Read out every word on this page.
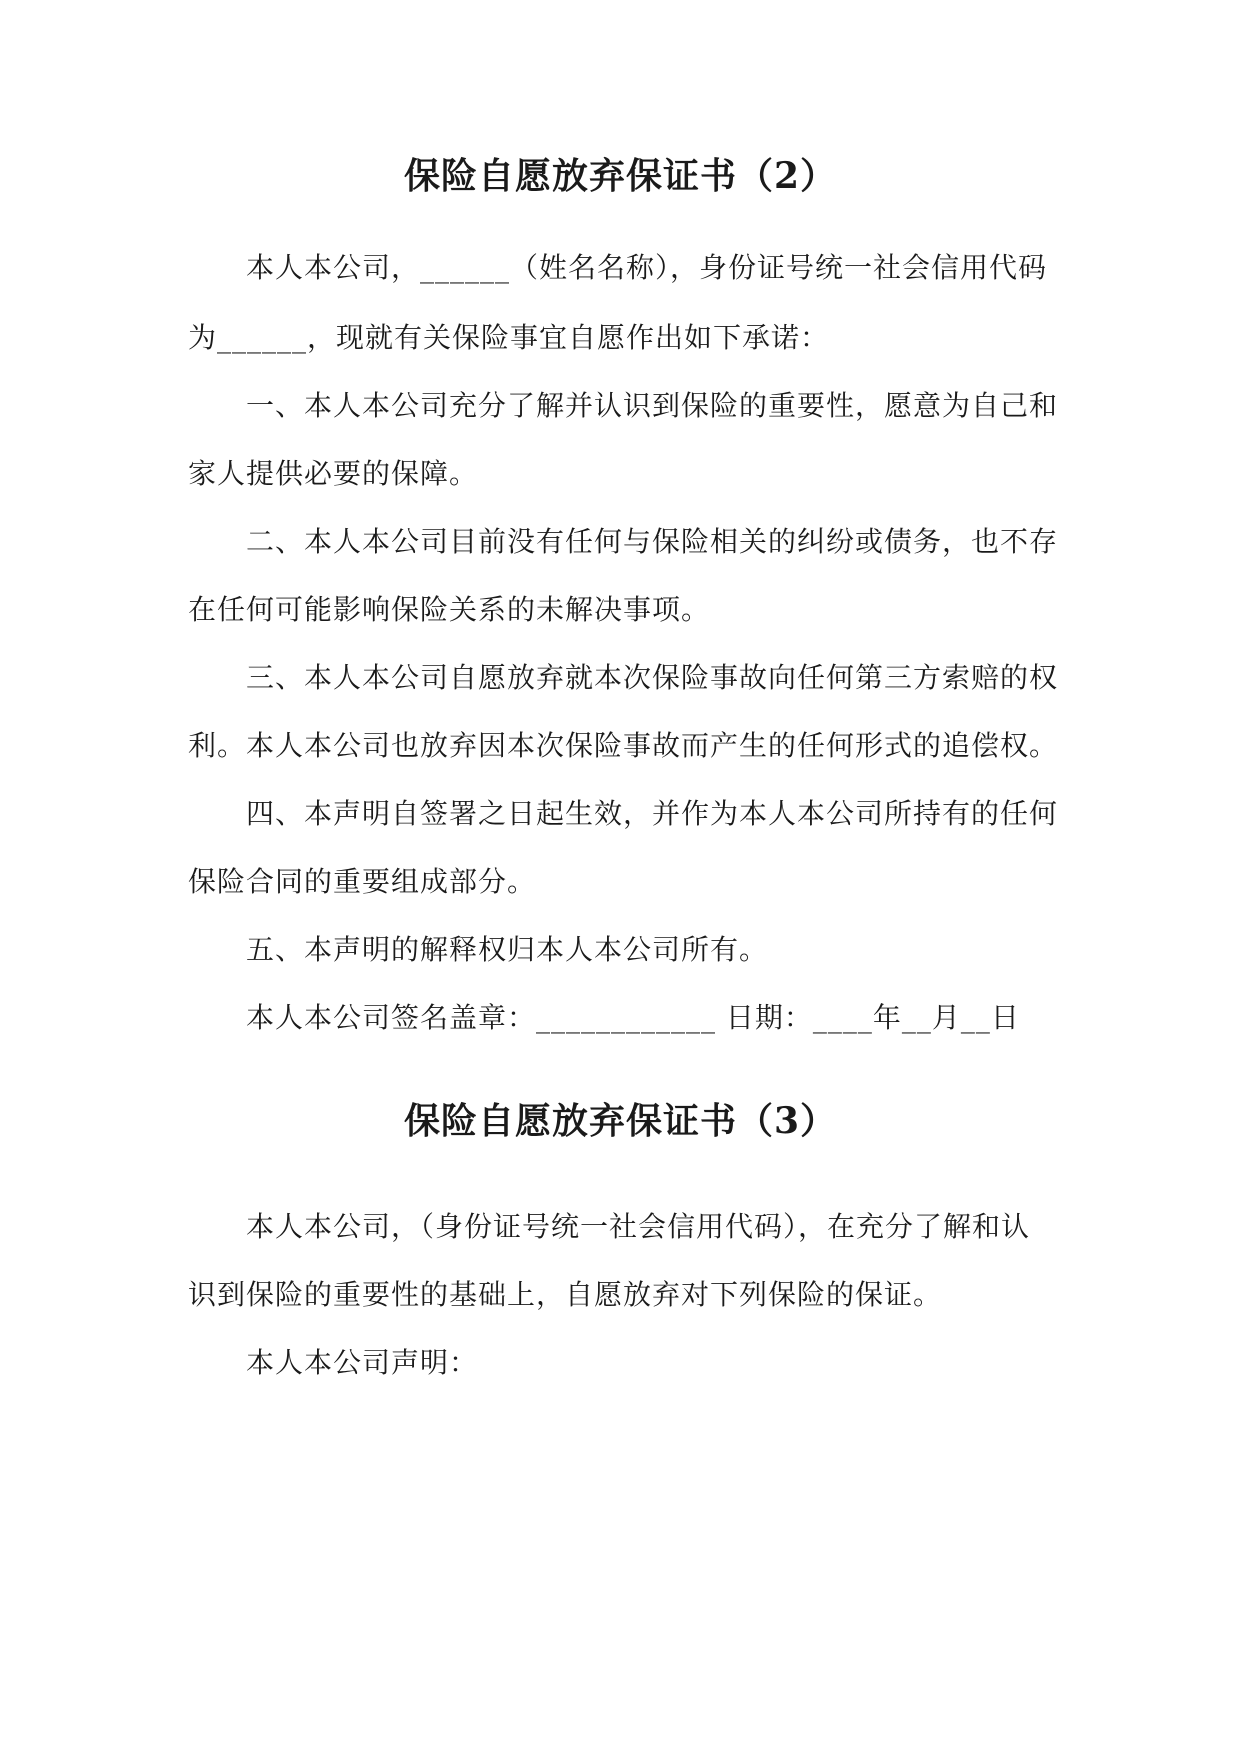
保险自愿放弃保证书（2）

本人本公司，______（姓名名称），身份证号统一社会信用代码

为______，现就有关保险事宜自愿作出如下承诺：

一、本人本公司充分了解并认识到保险的重要性，愿意为自己和

家人提供必要的保障。

二、本人本公司目前没有任何与保险相关的纠纷或债务，也不存

在任何可能影响保险关系的未解决事项。

三、本人本公司自愿放弃就本次保险事故向任何第三方索赔的权

利。本人本公司也放弃因本次保险事故而产生的任何形式的追偿权。

四、本声明自签署之日起生效，并作为本人本公司所持有的任何

保险合同的重要组成部分。

五、本声明的解释权归本人本公司所有。

本人本公司签名盖章：____________ 日期：____年__月__日

保险自愿放弃保证书（3）

本人本公司，（身份证号统一社会信用代码），在充分了解和认

识到保险的重要性的基础上，自愿放弃对下列保险的保证。

本人本公司声明：
